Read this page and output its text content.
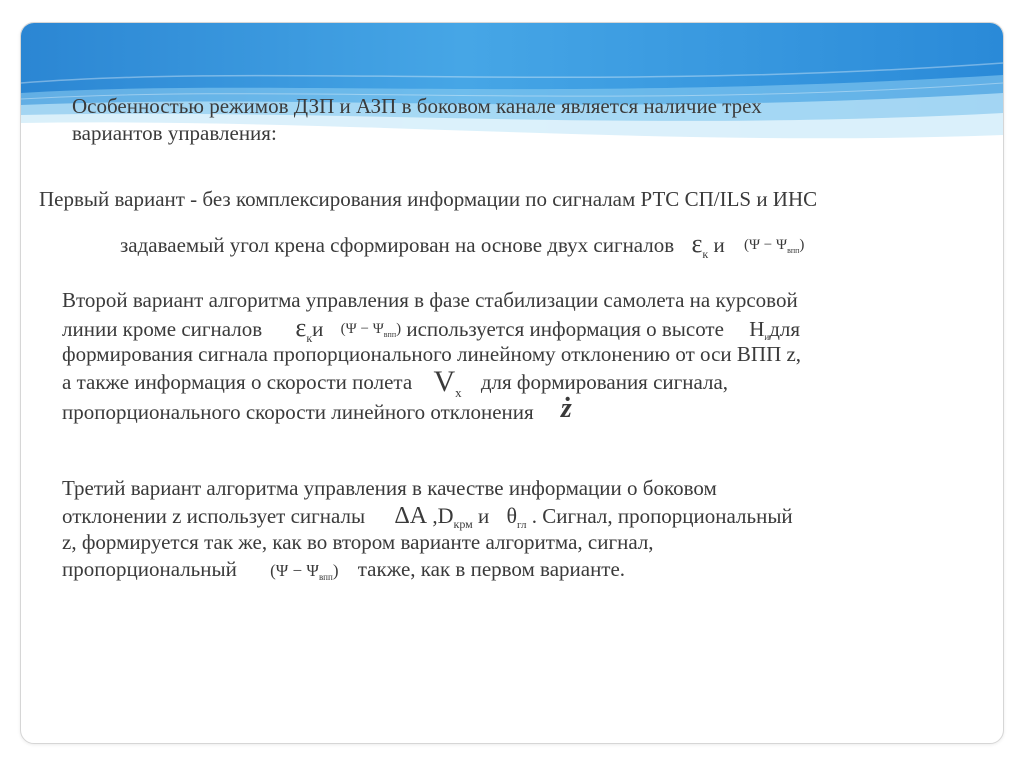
Особенностью режимов ДЗП и АЗП в боковом канале является наличие трех
вариантов управления:

Первый вариант - без комплексирования информации по сигналам РТС СП/ILS и ИНС

задаваемый угол крена сформирован на основе двух сигналов $\varepsilon_к$ и $(\Psi - \Psi_{впп})$
Второй вариант алгоритма управления в фазе стабилизации самолета на курсовой
линии кроме сигналов $\varepsilon_ки$ $(\Psi - \Psi_{впп})$ используется информация о высоте Hидля
формирования сигнала пропорционального линейному отклонению от оси ВПП z,
а также информация о скорости полета $V_x$ для формирования сигнала,
пропорционального скорости линейного отклонения ż
Третий вариант алгоритма управления в качестве информации о боковом
отклонении z использует сигналы ΔA $,D_{крм}$ и $\theta_{гл}$ . Сигнал, пропорциональный
z, формируется так же, как во втором варианте алгоритма, сигнал,
пропорциональный $(\Psi - \Psi_{впп})$ также, как в первом варианте.
